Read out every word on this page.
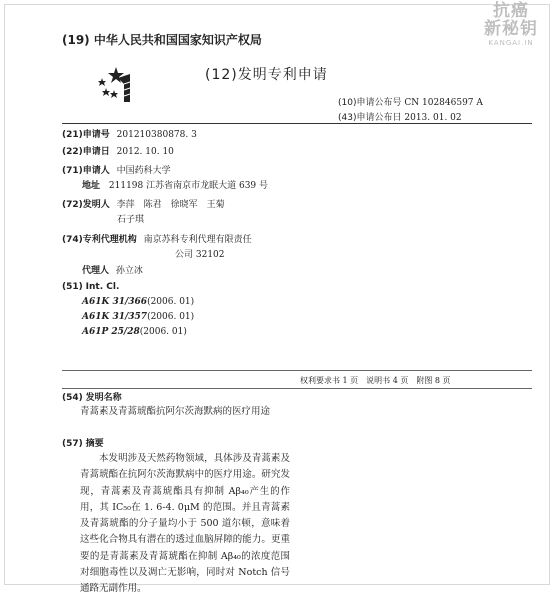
抗癌
新秘钥
KANGAI.IN
(19) 中华人民共和国国家知识产权局
(12)发明专利申请
(10)申请公布号 CN 102846597 A
(43)申请公布日 2013. 01. 02
(21)申请号 201210380878. 3
(22)申请日 2012. 10. 10
(71)申请人 中国药科大学
地址 211198 江苏省南京市龙眠大道 639 号
(72)发明人 李萍　陈君　徐晓军　王菊
石子琪
(74)专利代理机构 南京苏科专利代理有限责任
公司 32102
代理人 孙立冰
(51) Int. Cl.
A61K 31/366(2006. 01)
A61K 31/357(2006. 01)
A61P 25/28(2006. 01)
权利要求书 1 页　说明书 4 页　附图 8 页
(54) 发明名称
青蒿素及青蒿琥酯抗阿尔茨海默病的医疗用途
(57) 摘要
本发明涉及天然药物领域，具体涉及青蒿素及青蒿琥酯在抗阿尔茨海默病中的医疗用途。研究发现，青蒿素及青蒿琥酯具有抑制 Aβ₄₀产生的作用，其 IC₅₀在 1. 6-4. 0μM 的范围。并且青蒿素及青蒿琥酯的分子量均小于 500 道尔顿，意味着这些化合物具有潜在的透过血脑屏障的能力。更重要的是青蒿素及青蒿琥酯在抑制 Aβ₄₀的浓度范围对细胞毒性以及凋亡无影响，同时对 Notch 信号通路无副作用。
